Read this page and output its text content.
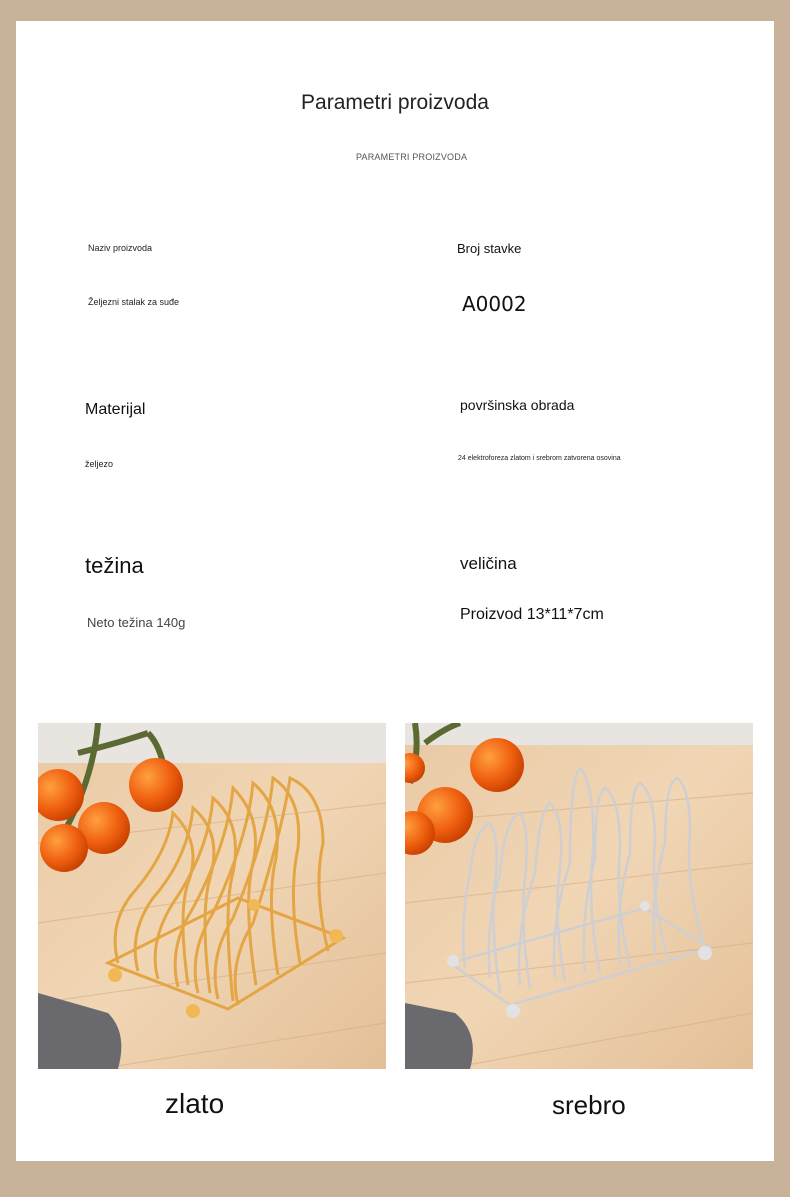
Parametri proizvoda
PARAMETRI PROIZVODA
Naziv proizvoda
Željezni stalak za suđe
Broj stavke
A0002
Materijal
željezo
površinska obrada
24 elektroforeza zlatom i srebrom zatvorena osovina
težina
Neto težina 140g
veličina
Proizvod 13*11*7cm
zlato	srebro
